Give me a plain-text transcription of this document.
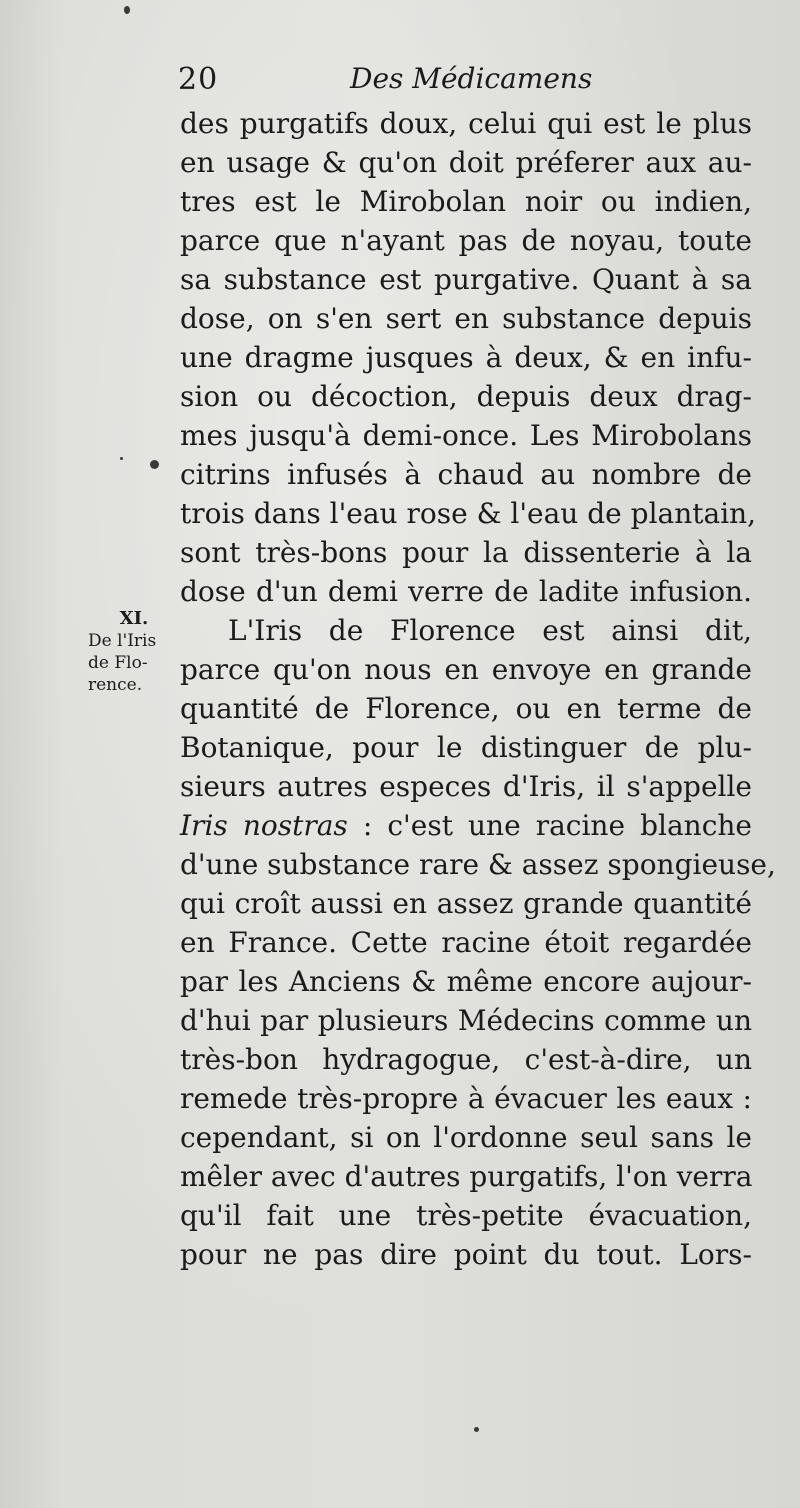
20	Des Médicamens
XI.
De l'Iris
de Flo-
rence.
des purgatifs doux, celui qui est le plus
en usage & qu'on doit préferer aux au-
tres est le Mirobolan noir ou indien,
parce que n'ayant pas de noyau, toute
sa substance est purgative. Quant à sa
dose, on s'en sert en substance depuis
une dragme jusques à deux, & en infu-
sion ou décoction, depuis deux drag-
mes jusqu'à demi-once. Les Mirobolans
citrins infusés à chaud au nombre de
trois dans l'eau rose & l'eau de plantain,
sont très-bons pour la dissenterie à la
dose d'un demi verre de ladite infusion.
L'Iris de Florence est ainsi dit,
parce qu'on nous en envoye en grande
quantité de Florence, ou en terme de
Botanique, pour le distinguer de plu-
sieurs autres especes d'Iris, il s'appelle
Iris nostras : c'est une racine blanche
d'une substance rare & assez spongieuse,
qui croît aussi en assez grande quantité
en France. Cette racine étoit regardée
par les Anciens & même encore aujour-
d'hui par plusieurs Médecins comme un
très-bon hydragogue, c'est-à-dire, un
remede très-propre à évacuer les eaux :
cependant, si on l'ordonne seul sans le
mêler avec d'autres purgatifs, l'on verra
qu'il fait une très-petite évacuation,
pour ne pas dire point du tout. Lors-
